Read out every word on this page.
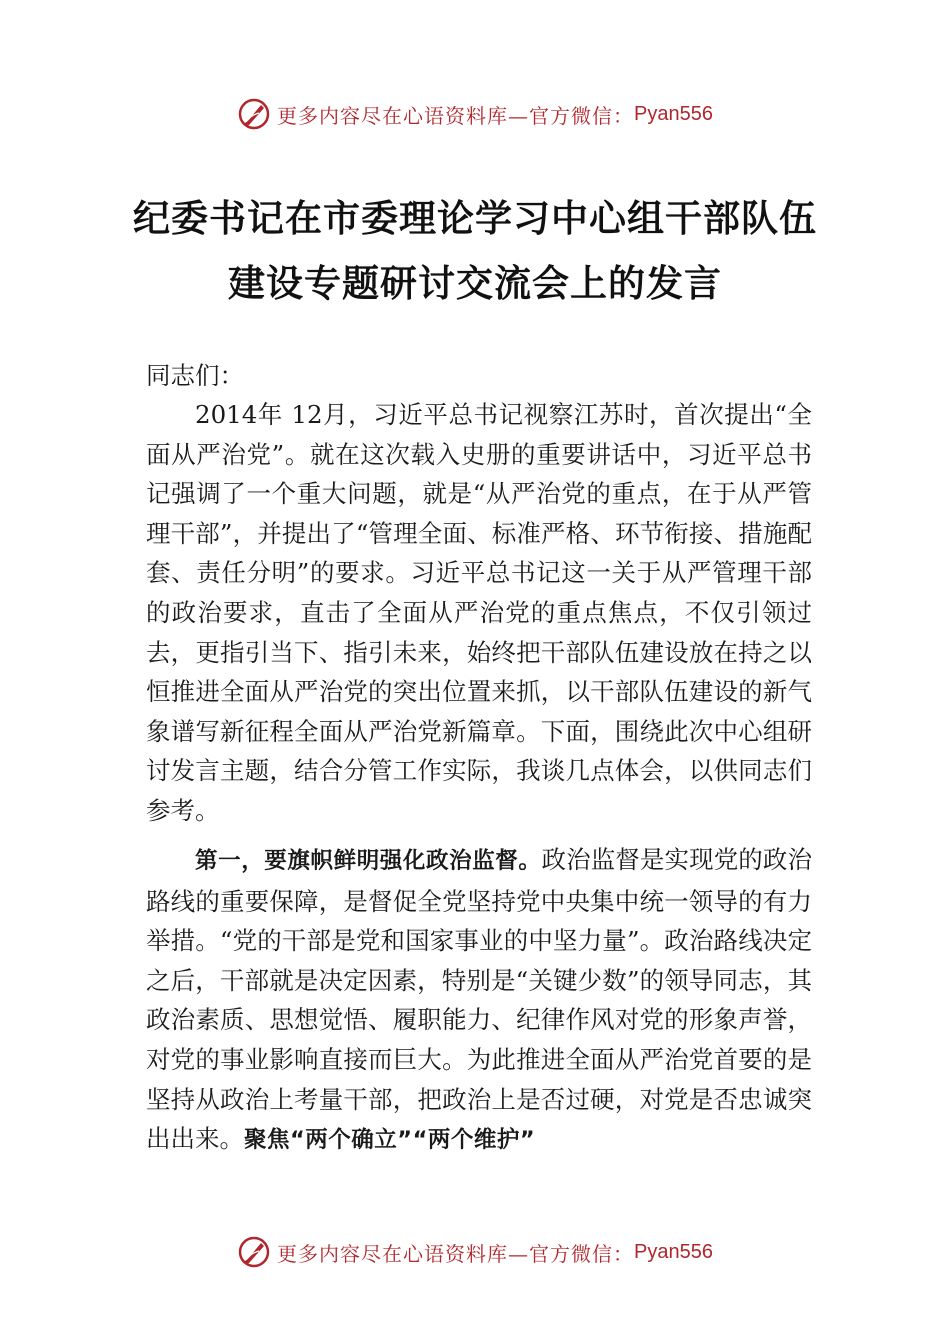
更多内容尽在心语资料库—官方微信： Pyan556
纪委书记在市委理论学习中心组干部队伍
建设专题研讨交流会上的发言

同志们：

2014年 12月，习近平总书记视察江苏时，首次提出“全面从严治党”。就在这次载入史册的重要讲话中，习近平总书记强调了一个重大问题，就是“从严治党的重点，在于从严管理干部”，并提出了“管理全面、标准严格、环节衔接、措施配套、责任分明”的要求。习近平总书记这一关于从严管理干部的政治要求，直击了全面从严治党的重点焦点，不仅引领过去，更指引当下、指引未来，始终把干部队伍建设放在持之以恒推进全面从严治党的突出位置来抓，以干部队伍建设的新气象谱写新征程全面从严治党新篇章。下面，围绕此次中心组研讨发言主题，结合分管工作实际，我谈几点体会，以供同志们参考。

第一，要旗帜鲜明强化政治监督。政治监督是实现党的政治路线的重要保障，是督促全党坚持党中央集中统一领导的有力举措。“党的干部是党和国家事业的中坚力量”。政治路线决定之后，干部就是决定因素，特别是“关键少数”的领导同志，其政治素质、思想觉悟、履职能力、纪律作风对党的形象声誉，对党的事业影响直接而巨大。为此推进全面从严治党首要的是坚持从政治上考量干部，把政治上是否过硬，对党是否忠诚突出出来。聚焦“两个确立”“两个维护”

更多内容尽在心语资料库—官方微信： Pyan556
